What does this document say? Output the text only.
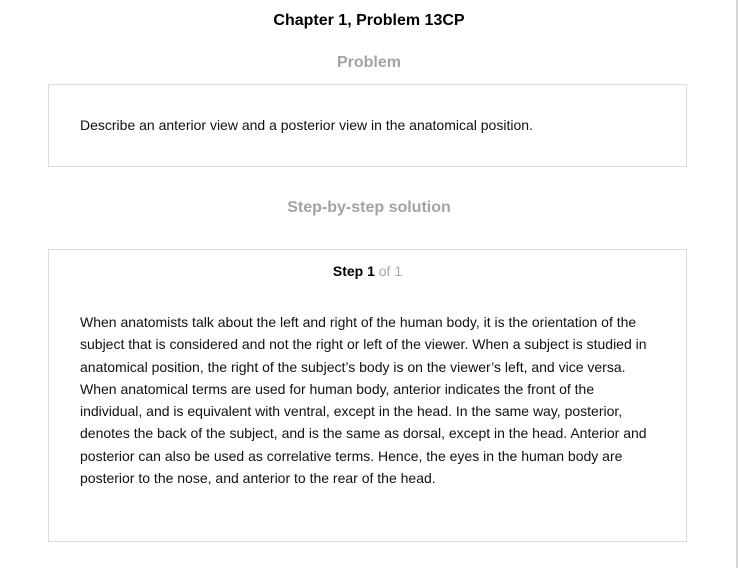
Chapter 1, Problem 13CP
Problem
Describe an anterior view and a posterior view in the anatomical position.
Step-by-step solution
Step 1 of 1
When anatomists talk about the left and right of the human body, it is the orientation of the
subject that is considered and not the right or left of the viewer. When a subject is studied in
anatomical position, the right of the subject’s body is on the viewer’s left, and vice versa.
When anatomical terms are used for human body, anterior indicates the front of the
individual, and is equivalent with ventral, except in the head. In the same way, posterior,
denotes the back of the subject, and is the same as dorsal, except in the head. Anterior and
posterior can also be used as correlative terms. Hence, the eyes in the human body are
posterior to the nose, and anterior to the rear of the head.
